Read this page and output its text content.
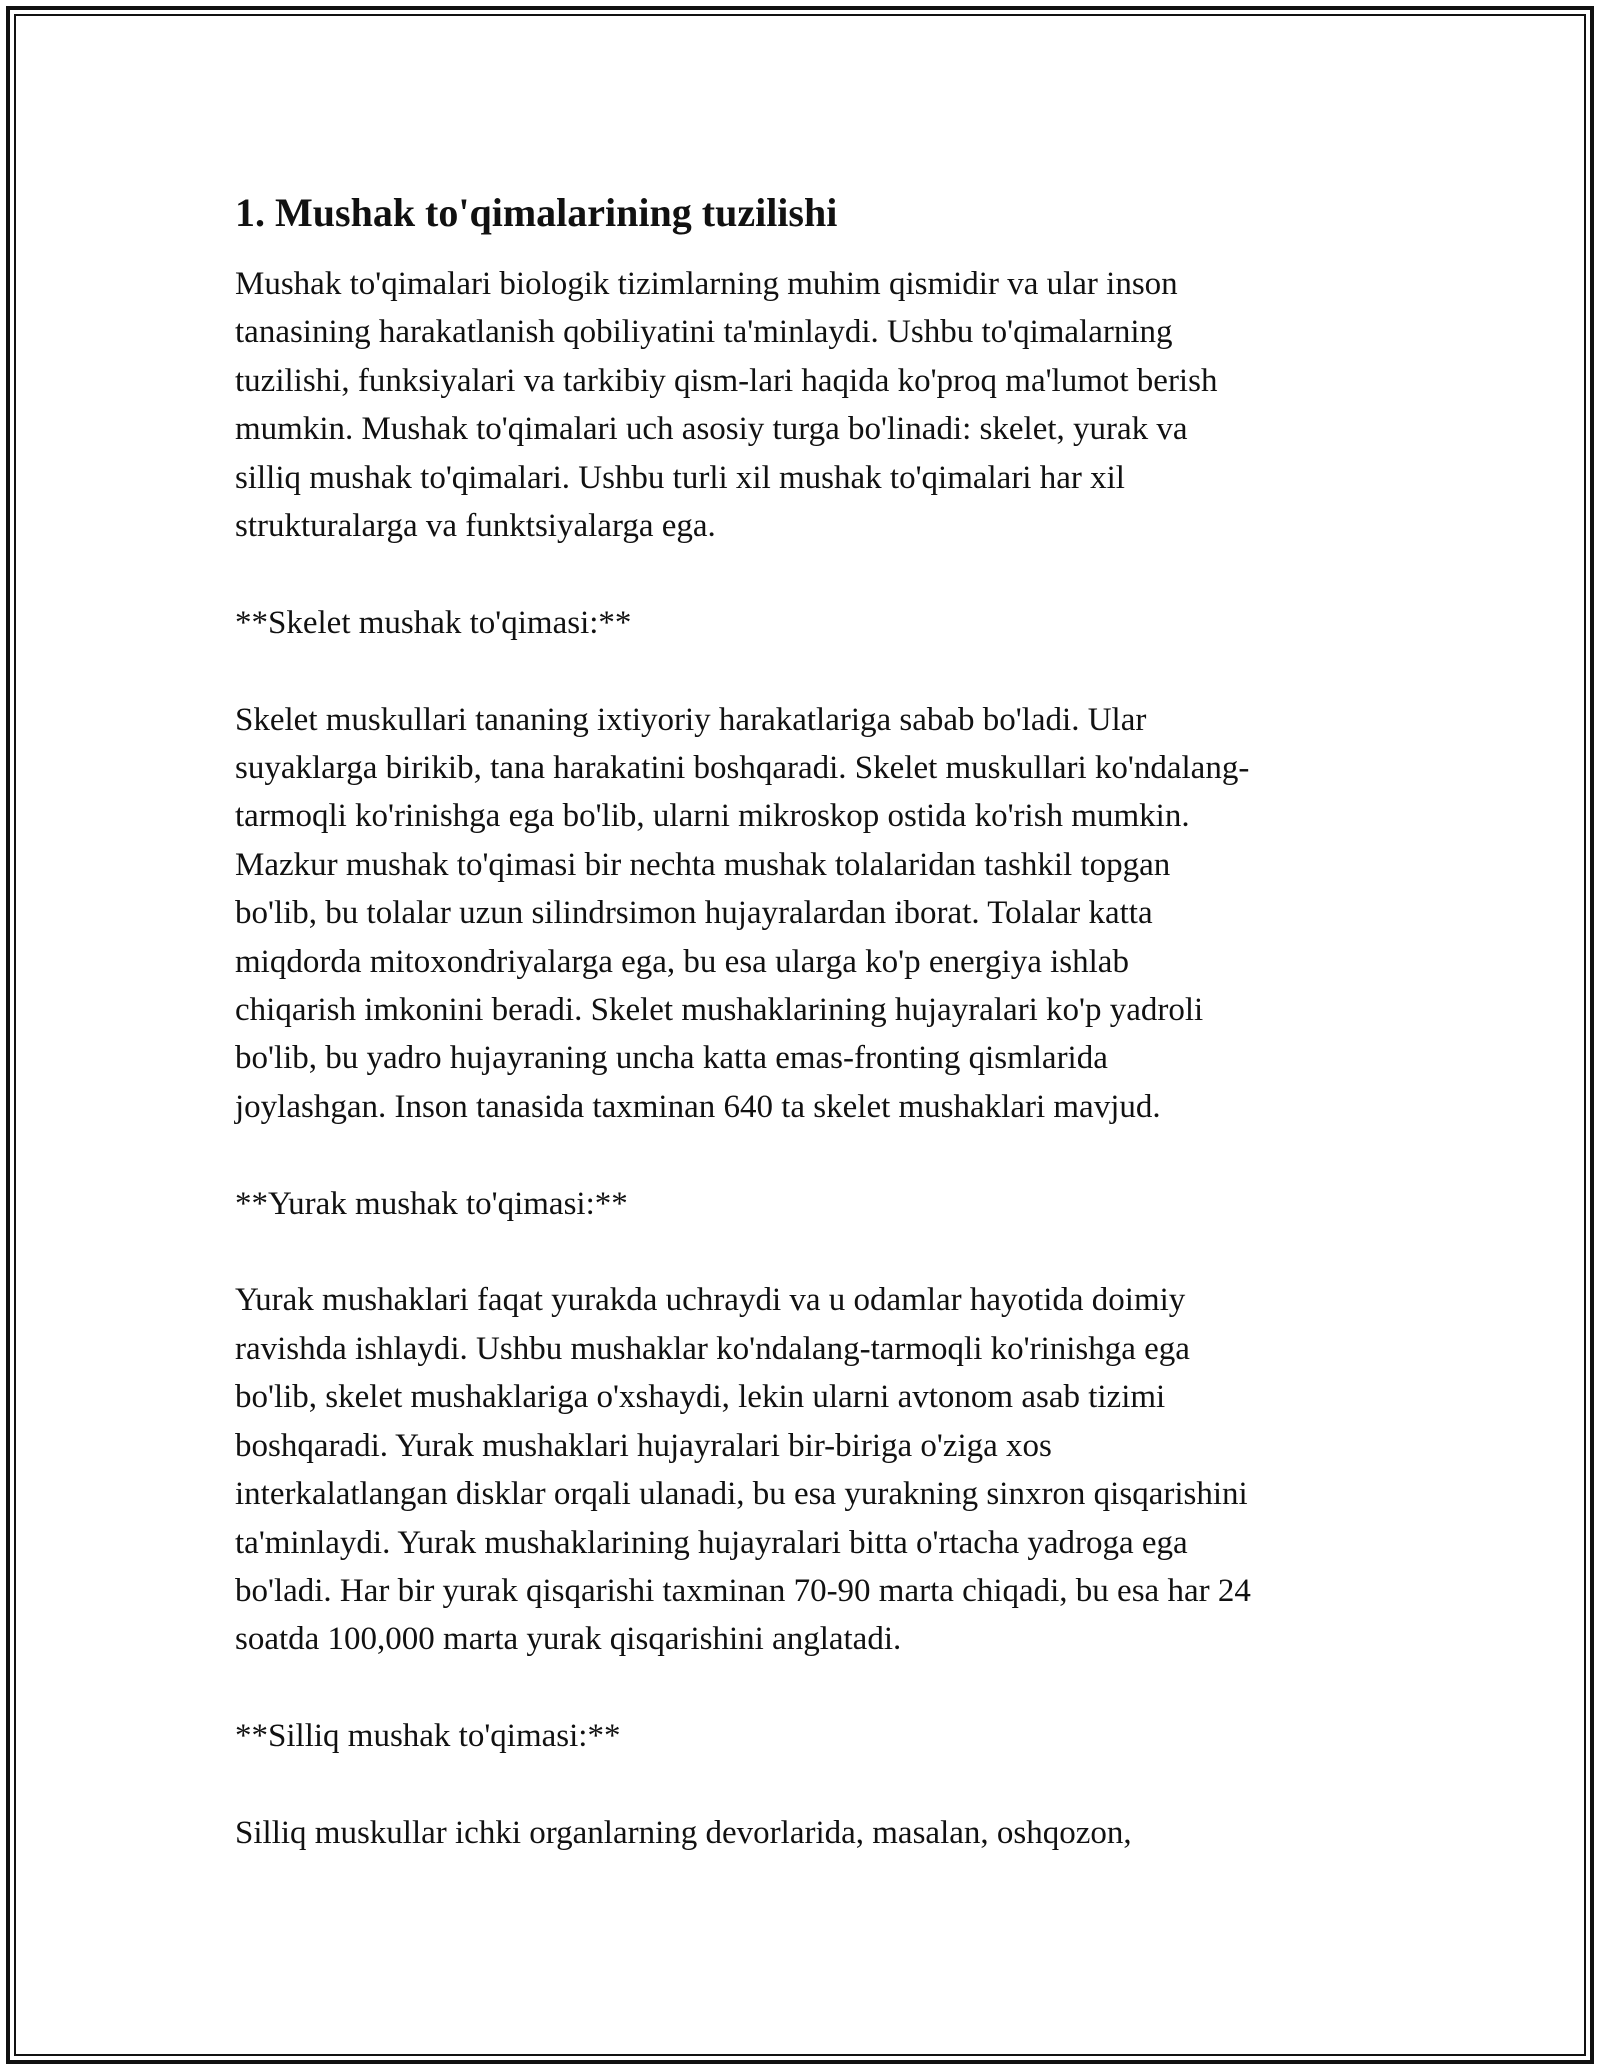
1. Mushak to'qimalarining tuzilishi

Mushak to'qimalari biologik tizimlarning muhim qismidir va ular inson
tanasining harakatlanish qobiliyatini ta'minlaydi. Ushbu to'qimalarning
tuzilishi, funksiyalari va tarkibiy qism-lari haqida ko'proq ma'lumot berish
mumkin. Mushak to'qimalari uch asosiy turga bo'linadi: skelet, yurak va
silliq mushak to'qimalari. Ushbu turli xil mushak to'qimalari har xil
strukturalarga va funktsiyalarga ega.

**Skelet mushak to'qimasi:**

Skelet muskullari tananing ixtiyoriy harakatlariga sabab bo'ladi. Ular
suyaklarga birikib, tana harakatini boshqaradi. Skelet muskullari ko'ndalang-
tarmoqli ko'rinishga ega bo'lib, ularni mikroskop ostida ko'rish mumkin.
Mazkur mushak to'qimasi bir nechta mushak tolalaridan tashkil topgan
bo'lib, bu tolalar uzun silindrsimon hujayralardan iborat. Tolalar katta
miqdorda mitoxondriyalarga ega, bu esa ularga ko'p energiya ishlab
chiqarish imkonini beradi. Skelet mushaklarining hujayralari ko'p yadroli
bo'lib, bu yadro hujayraning uncha katta emas-fronting qismlarida
joylashgan. Inson tanasida taxminan 640 ta skelet mushaklari mavjud.

**Yurak mushak to'qimasi:**

Yurak mushaklari faqat yurakda uchraydi va u odamlar hayotida doimiy
ravishda ishlaydi. Ushbu mushaklar ko'ndalang-tarmoqli ko'rinishga ega
bo'lib, skelet mushaklariga o'xshaydi, lekin ularni avtonom asab tizimi
boshqaradi. Yurak mushaklari hujayralari bir-biriga o'ziga xos
interkalatlangan disklar orqali ulanadi, bu esa yurakning sinxron qisqarishini
ta'minlaydi. Yurak mushaklarining hujayralari bitta o'rtacha yadroga ega
bo'ladi. Har bir yurak qisqarishi taxminan 70-90 marta chiqadi, bu esa har 24
soatda 100,000 marta yurak qisqarishini anglatadi.

**Silliq mushak to'qimasi:**

Silliq muskullar ichki organlarning devorlarida, masalan, oshqozon,
